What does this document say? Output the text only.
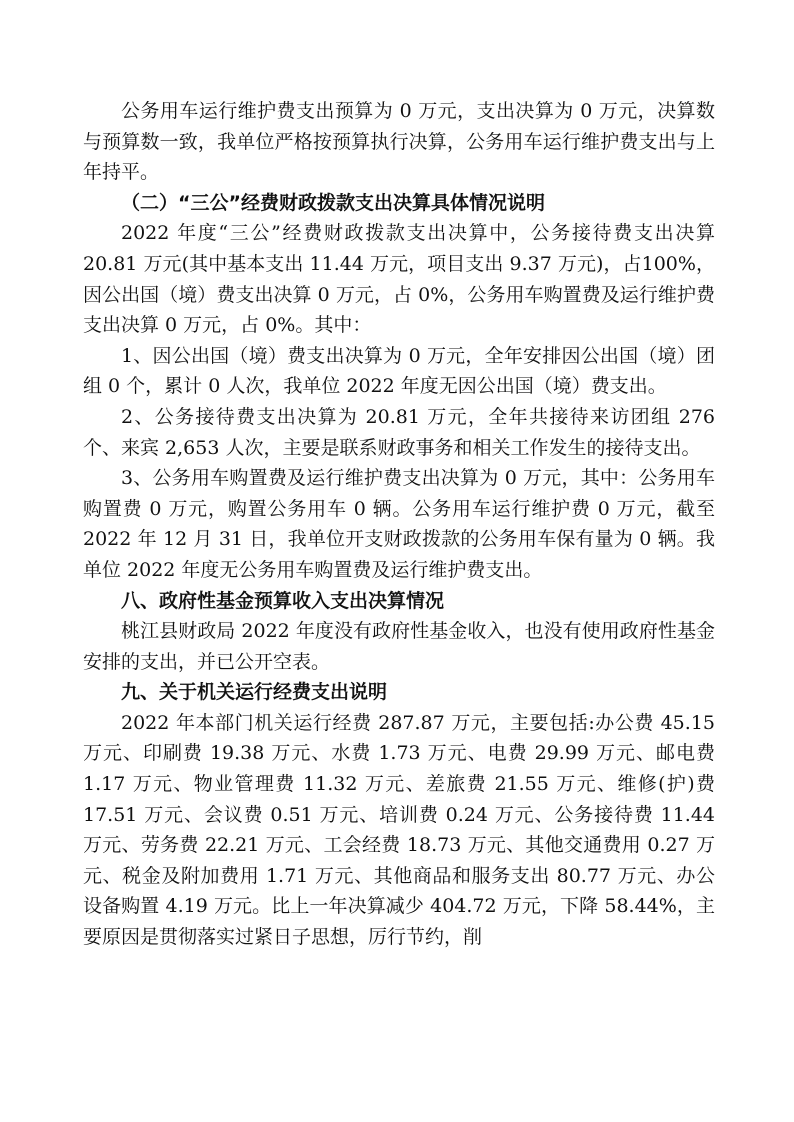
公务用车运行维护费支出预算为 0 万元，支出决算为 0 万元，决算数与预算数一致，我单位严格按预算执行决算，公务用车运行维护费支出与上年持平。

（二）“三公”经费财政拨款支出决算具体情况说明

2022 年度“三公”经费财政拨款支出决算中，公务接待费支出决算 20.81 万元(其中基本支出 11.44 万元，项目支出 9.37 万元)，占100%，因公出国（境）费支出决算 0 万元，占 0%，公务用车购置费及运行维护费支出决算 0 万元，占 0%。其中：

1、因公出国（境）费支出决算为 0 万元，全年安排因公出国（境）团组 0 个，累计 0 人次，我单位 2022 年度无因公出国（境）费支出。

2、公务接待费支出决算为 20.81 万元，全年共接待来访团组 276 个、来宾 2,653 人次，主要是联系财政事务和相关工作发生的接待支出。

3、公务用车购置费及运行维护费支出决算为 0 万元，其中：公务用车购置费 0 万元，购置公务用车 0 辆。公务用车运行维护费 0 万元，截至 2022 年 12 月 31 日，我单位开支财政拨款的公务用车保有量为 0 辆。我单位 2022 年度无公务用车购置费及运行维护费支出。

八、政府性基金预算收入支出决算情况

桃江县财政局 2022 年度没有政府性基金收入，也没有使用政府性基金安排的支出，并已公开空表。

九、关于机关运行经费支出说明

2022 年本部门机关运行经费 287.87 万元，主要包括:办公费 45.15 万元、印刷费 19.38 万元、水费 1.73 万元、电费 29.99 万元、邮电费 1.17 万元、物业管理费 11.32 万元、差旅费 21.55 万元、维修(护)费 17.51 万元、会议费 0.51 万元、培训费 0.24 万元、公务接待费 11.44 万元、劳务费 22.21 万元、工会经费 18.73 万元、其他交通费用 0.27 万元、税金及附加费用 1.71 万元、其他商品和服务支出 80.77 万元、办公设备购置 4.19 万元。比上一年决算减少 404.72 万元，下降 58.44%，主要原因是贯彻落实过紧日子思想，厉行节约，削
